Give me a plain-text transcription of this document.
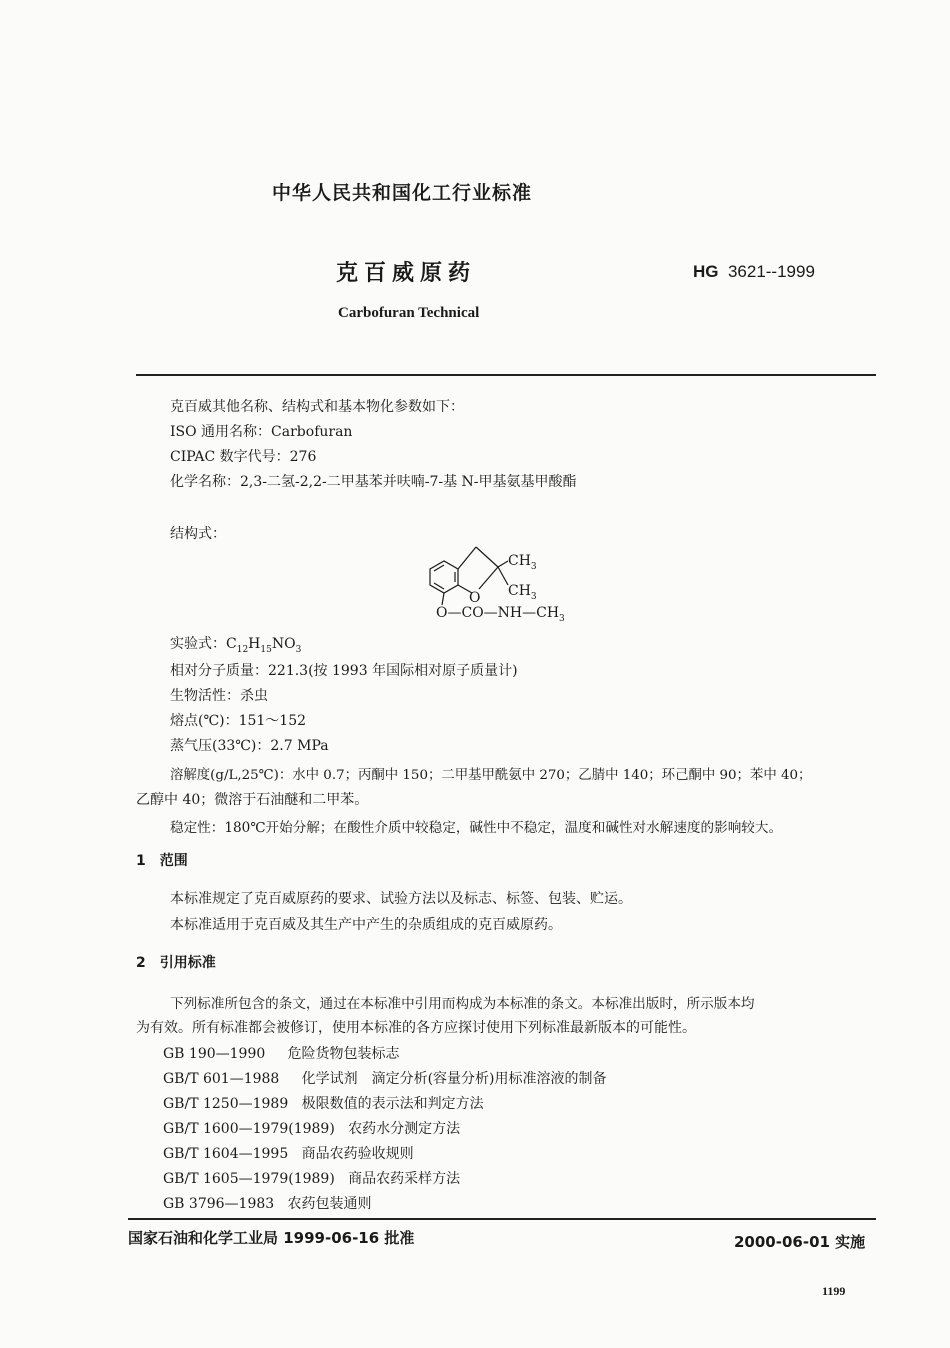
中华人民共和国化工行业标准
克百威原药	HG 3621--1999
Carbofuran Technical
克百威其他名称、结构式和基本物化参数如下：
ISO 通用名称：Carbofuran
CIPAC 数字代号：276
化学名称：2,3-二氢-2,2-二甲基苯并呋喃-7-基 N-甲基氨基甲酸酯
结构式：
$CH_3$
$CH_3$
O
$O—CO—NH—CH_3$
实验式：$C_{12}H_{15}NO_3$
相对分子质量：221.3(按 1993 年国际相对原子质量计)
生物活性：杀虫
熔点(℃)：151～152
蒸气压(33℃)：2.7 MPa
溶解度(g/L,25℃)：水中 0.7；丙酮中 150；二甲基甲酰氨中 270；乙腈中 140；环己酮中 90；苯中 40；
乙醇中 40；微溶于石油醚和二甲苯。
稳定性：180℃开始分解；在酸性介质中较稳定，碱性中不稳定，温度和碱性对水解速度的影响较大。
1　范围
本标准规定了克百威原药的要求、试验方法以及标志、标签、包装、贮运。
本标准适用于克百威及其生产中产生的杂质组成的克百威原药。
2　引用标准
下列标准所包含的条文，通过在本标准中引用而构成为本标准的条文。本标准出版时，所示版本均
为有效。所有标准都会被修订，使用本标准的各方应探讨使用下列标准最新版本的可能性。
GB 190—1990 危险货物包装标志
GB/T 601—1988 化学试剂　滴定分析(容量分析)用标准溶液的制备
GB/T 1250—1989 极限数值的表示法和判定方法
GB/T 1600—1979(1989) 农药水分测定方法
GB/T 1604—1995 商品农药验收规则
GB/T 1605—1979(1989) 商品农药采样方法
GB 3796—1983 农药包装通则
国家石油和化学工业局 1999-06-16 批准	2000-06-01 实施
1199
